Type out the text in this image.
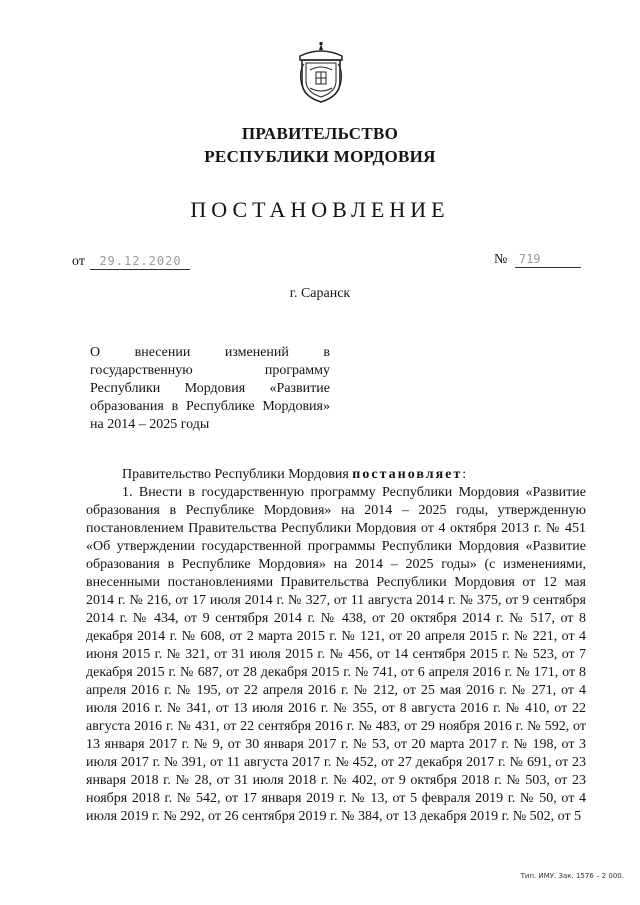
ПРАВИТЕЛЬСТВО
РЕСПУБЛИКИ МОРДОВИЯ
ПОСТАНОВЛЕНИЕ
от 29.12.2020	№ 719
г. Саранск
О внесении изменений в государственную программу Республики Мордовия «Развитие образования в Республике Мордовия» на 2014 – 2025 годы

Правительство Республики Мордовия постановляет:

1. Внести в государственную программу Республики Мордовия «Развитие образования в Республике Мордовия» на 2014 – 2025 годы, утвержденную постановлением Правительства Республики Мордовия от 4 октября 2013 г. № 451 «Об утверждении государственной программы Республики Мордовия «Развитие образования в Республике Мордовия» на 2014 – 2025 годы» (с изменениями, внесенными постановлениями Правительства Республики Мордовия от 12 мая 2014 г. № 216, от 17 июля 2014 г. № 327, от 11 августа 2014 г. № 375, от 9 сентября 2014 г. № 434, от 9 сентября 2014 г. № 438, от 20 октября 2014 г. № 517, от 8 декабря 2014 г. № 608, от 2 марта 2015 г. № 121, от 20 апреля 2015 г. № 221, от 4 июня 2015 г. № 321, от 31 июля 2015 г. № 456, от 14 сентября 2015 г. № 523, от 7 декабря 2015 г. № 687, от 28 декабря 2015 г. № 741, от 6 апреля 2016 г. № 171, от 8 апреля 2016 г. № 195, от 22 апреля 2016 г. № 212, от 25 мая 2016 г. № 271, от 4 июля 2016 г. № 341, от 13 июля 2016 г. № 355, от 8 августа 2016 г. № 410, от 22 августа 2016 г. № 431, от 22 сентября 2016 г. № 483, от 29 ноября 2016 г. № 592, от 13 января 2017 г. № 9, от 30 января 2017 г. № 53, от 20 марта 2017 г. № 198, от 3 июля 2017 г. № 391, от 11 августа 2017 г. № 452, от 27 декабря 2017 г. № 691, от 23 января 2018 г. № 28, от 31 июля 2018 г. № 402, от 9 октября 2018 г. № 503, от 23 ноября 2018 г. № 542, от 17 января 2019 г. № 13, от 5 февраля 2019 г. № 50, от 4 июля 2019 г. № 292, от 26 сентября 2019 г. № 384, от 13 декабря 2019 г. № 502, от 5

Тип. ИМУ. Зак. 1576 – 2 000.
